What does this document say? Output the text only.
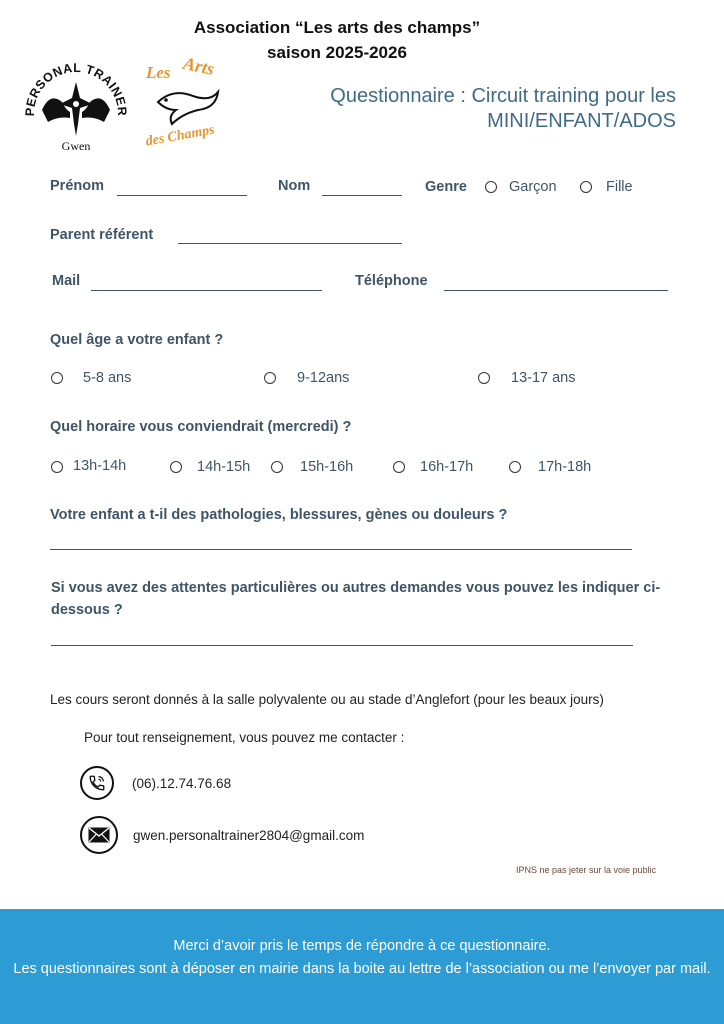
Association “Les arts des champs”
saison 2025-2026
PERSONAL TRAINER
Gwen
Les Arts
des Champs
Questionnaire : Circuit training pour les
MINI/ENFANT/ADOS
Prénom	Nom	Genre	Garçon	Fille
Parent référent
Mail	Téléphone
Quel âge a votre enfant ?
5-8 ans	9-12ans	13-17 ans
Quel horaire vous conviendrait (mercredi) ?
13h-14h	14h-15h	15h-16h	16h-17h	17h-18h
Votre enfant a t-il des pathologies, blessures, gènes ou douleurs ?
Si vous avez des attentes particulières ou autres demandes vous pouvez les indiquer ci-dessous ?
Les cours seront donnés à la salle polyvalente ou au stade d’Anglefort (pour les beaux jours)
Pour tout renseignement, vous pouvez me contacter :
(06).12.74.76.68
gwen.personaltrainer2804@gmail.com
IPNS ne pas jeter sur la voie public
Merci d’avoir pris le temps de répondre à ce questionnaire.
Les questionnaires sont à déposer en mairie dans la boite au lettre de l’association ou me l’envoyer par mail.
